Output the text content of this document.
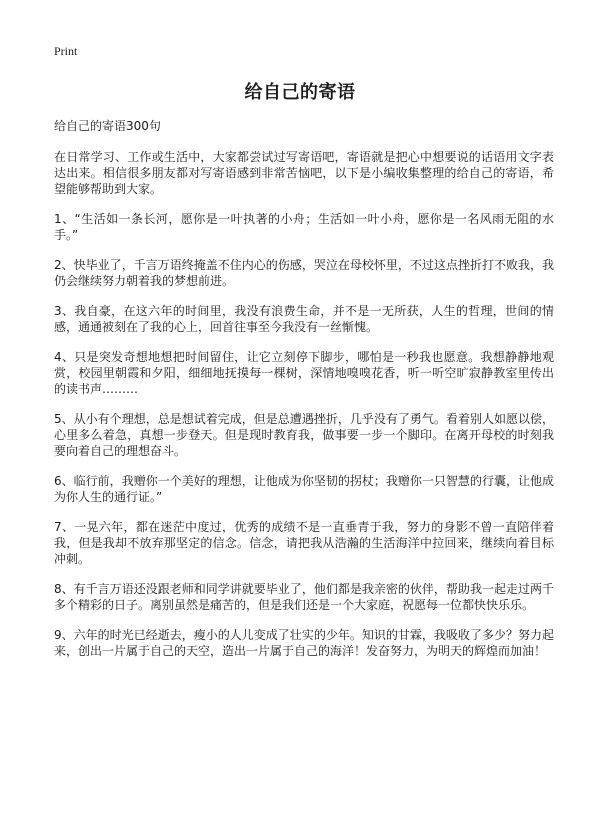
Print
给自己的寄语

给自己的寄语300句

在日常学习、工作或生活中，大家都尝试过写寄语吧，寄语就是把心中想要说的话语用文字表达出来。相信很多朋友都对写寄语感到非常苦恼吧，以下是小编收集整理的给自己的寄语，希望能够帮助到大家。

1、“生活如一条长河，愿你是一叶执著的小舟；生活如一叶小舟，愿你是一名风雨无阻的水手。”

2、快毕业了，千言万语终掩盖不住内心的伤感，哭泣在母校怀里，不过这点挫折打不败我，我仍会继续努力朝着我的梦想前进。

3、我自豪，在这六年的时间里，我没有浪费生命，并不是一无所获，人生的哲理，世间的情感，通通被刻在了我的心上，回首往事至今我没有一丝惭愧。

4、只是突发奇想地想把时间留住，让它立刻停下脚步，哪怕是一秒我也愿意。我想静静地观赏，校园里朝霞和夕阳，细细地抚摸每一棵树，深情地嗅嗅花香，听一听空旷寂静教室里传出的读书声………

5、从小有个理想，总是想试着完成，但是总遭遇挫折，几乎没有了勇气。看着别人如愿以偿，心里多么着急，真想一步登天。但是现时教育我，做事要一步一个脚印。在离开母校的时刻我要向着自己的理想奋斗。

6、临行前，我赠你一个美好的理想，让他成为你坚韧的拐杖；我赠你一只智慧的行囊，让他成为你人生的通行证。”

7、一晃六年，都在迷茫中度过，优秀的成绩不是一直垂青于我，努力的身影不曾一直陪伴着我，但是我却不放弃那坚定的信念。信念，请把我从浩瀚的生活海洋中拉回来，继续向着目标冲刺。

8、有千言万语还没跟老师和同学讲就要毕业了，他们都是我亲密的伙伴，帮助我一起走过两千多个精彩的日子。离别虽然是痛苦的，但是我们还是一个大家庭，祝愿每一位都快快乐乐。

9、六年的时光已经逝去，瘦小的人儿变成了壮实的少年。知识的甘霖，我吸收了多少？努力起来，创出一片属于自己的天空，造出一片属于自己的海洋！发奋努力，为明天的辉煌而加油！
